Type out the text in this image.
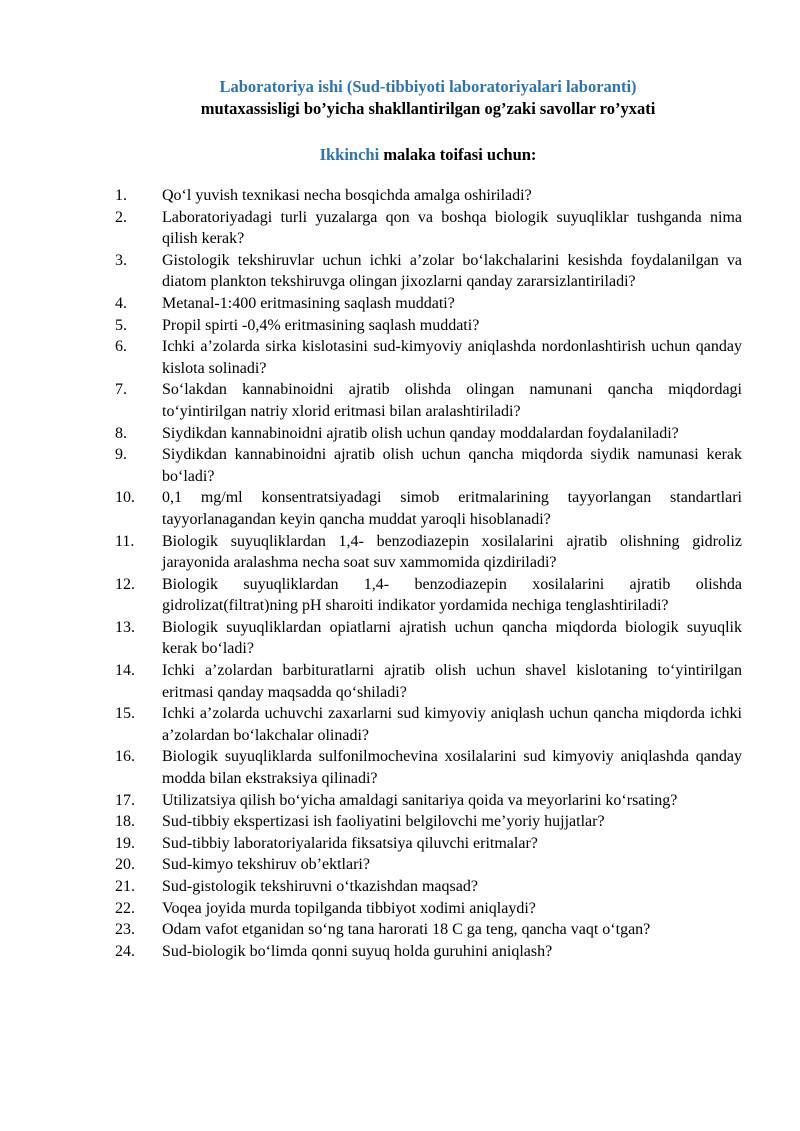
Laboratoriya ishi (Sud-tibbiyoti laboratoriyalari laboranti)
mutaxassisligi bo’yicha shakllantirilgan og’zaki savollar ro’yxati
Ikkinchi malaka toifasi uchun:
1. Qo‘l yuvish texnikasi necha bosqichda amalga oshiriladi?
2. Laboratoriyadagi turli yuzalarga qon va boshqa biologik suyuqliklar tushganda nima qilish kerak?
3. Gistologik tekshiruvlar uchun ichki a’zolar bo‘lakchalarini kesishda foydalanilgan va diatom plankton tekshiruvga olingan jixozlarni qanday zararsizlantiriladi?
4. Metanal-1:400 eritmasining saqlash muddati?
5. Propil spirti -0,4% eritmasining saqlash muddati?
6. Ichki a’zolarda sirka kislotasini sud-kimyoviy aniqlashda nordonlashtirish uchun qanday kislota solinadi?
7. So‘lakdan kannabinoidni ajratib olishda olingan namunani qancha miqdordagi to‘yintirilgan natriy xlorid eritmasi bilan aralashtiriladi?
8. Siydikdan kannabinoidni ajratib olish uchun qanday moddalardan foydalaniladi?
9. Siydikdan kannabinoidni ajratib olish uchun qancha miqdorda siydik namunasi kerak bo‘ladi?
10. 0,1 mg/ml konsentratsiyadagi simob eritmalarining tayyorlangan standartlari tayyorlanagandan keyin qancha muddat yaroqli hisoblanadi?
11. Biologik suyuqliklardan 1,4- benzodiazepin xosilalarini ajratib olishning gidroliz jarayonida aralashma necha soat suv xammomida qizdiriladi?
12. Biologik suyuqliklardan 1,4- benzodiazepin xosilalarini ajratib olishda gidrolizat(filtrat)ning pH sharoiti indikator yordamida nechiga tenglashtiriladi?
13. Biologik suyuqliklardan opiatlarni ajratish uchun qancha miqdorda biologik suyuqlik kerak bo‘ladi?
14. Ichki a’zolardan barbituratlarni ajratib olish uchun shavel kislotaning to‘yintirilgan eritmasi qanday maqsadda qo‘shiladi?
15. Ichki a’zolarda uchuvchi zaxarlarni sud kimyoviy aniqlash uchun qancha miqdorda ichki a’zolardan bo‘lakchalar olinadi?
16. Biologik suyuqliklarda sulfonilmochevina xosilalarini sud kimyoviy aniqlashda qanday modda bilan ekstraksiya qilinadi?
17. Utilizatsiya qilish bo‘yicha amaldagi sanitariya qoida va meyorlarini ko‘rsating?
18. Sud-tibbiy ekspertizasi ish faoliyatini belgilovchi me’yoriy hujjatlar?
19. Sud-tibbiy laboratoriyalarida fiksatsiya qiluvchi eritmalar?
20. Sud-kimyo tekshiruv ob’ektlari?
21. Sud-gistologik tekshiruvni o‘tkazishdan maqsad?
22. Voqea joyida murda topilganda tibbiyot xodimi aniqlaydi?
23. Odam vafot etganidan so‘ng tana harorati 18 C ga teng, qancha vaqt o‘tgan?
24. Sud-biologik bo‘limda qonni suyuq holda guruhini aniqlash?
